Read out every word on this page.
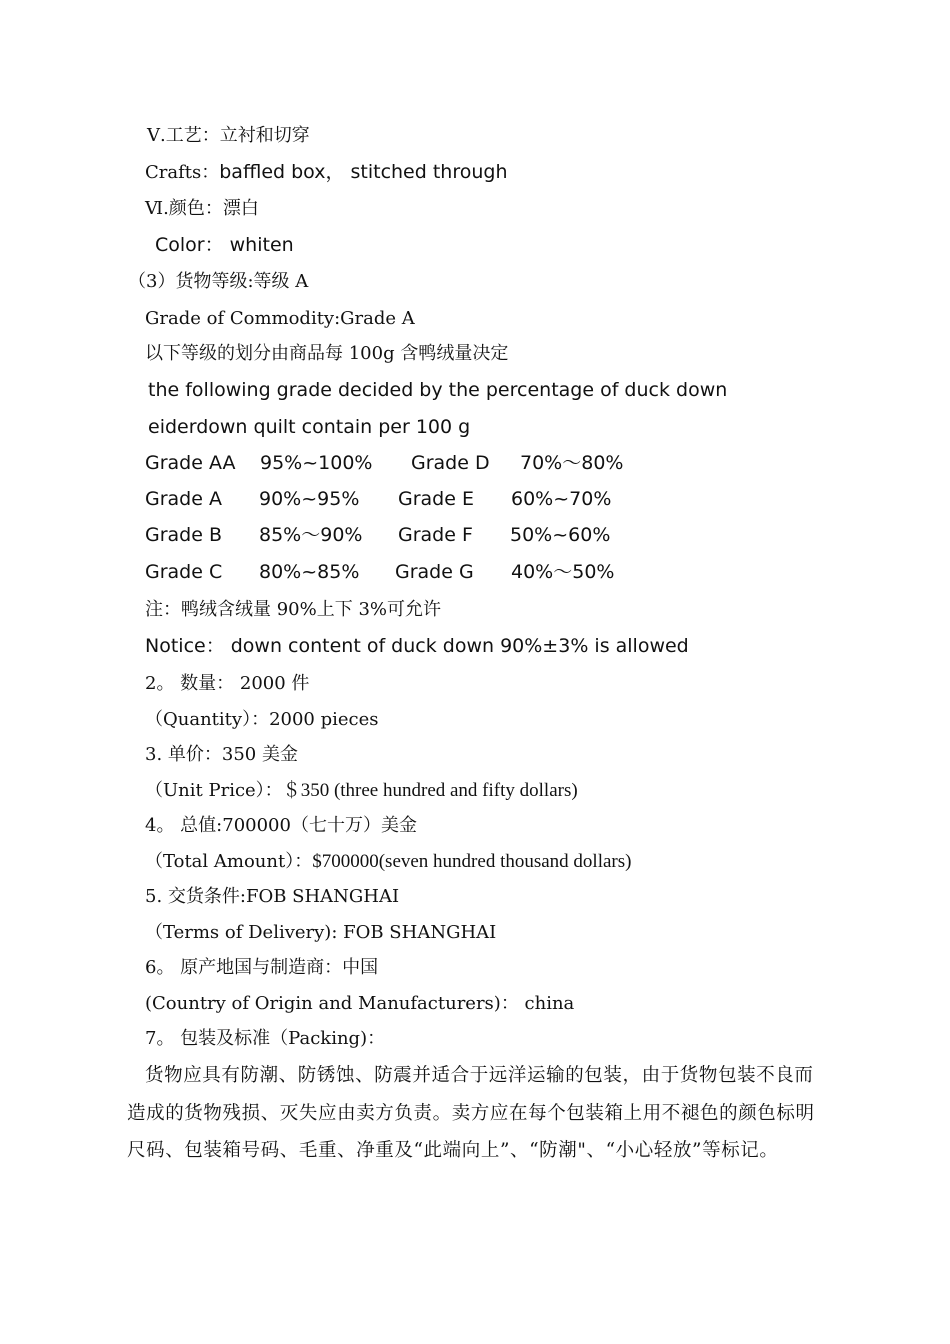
Ⅴ.工艺：立衬和切穿
Crafts：baffled box， stitched through
Ⅵ.颜色：漂白
Color： whiten
（3）货物等级:等级 A
Grade of Commodity:Grade A
以下等级的划分由商品每 100g 含鸭绒量决定
the following grade decided by the percentage of duck down
eiderdown quilt contain per 100 g
Grade AA 95%~100% Grade D 70%～80%
Grade A 90%~95% Grade E 60%~70%
Grade B 85%～90% Grade F 50%~60%
Grade C 80%~85% Grade G 40%～50%
注：鸭绒含绒量 90%上下 3%可允许
Notice： down content of duck down 90%±3% is allowed
2。 数量： 2000 件
（Quantity）：2000 pieces
3. 单价：350 美金
（Unit Price）：＄350 (three hundred and fifty dollars)
4。 总值:700000（七十万）美金
（Total Amount）：$700000(seven hundred thousand dollars)
5. 交货条件:FOB SHANGHAI
（Terms of Delivery): FOB SHANGHAI
6。 原产地国与制造商：中国
(Country of Origin and Manufacturers)： china
7。 包装及标准（Packing)：
货物应具有防潮、防锈蚀、防震并适合于远洋运输的包装，由于货物包装不良而造成的货物残损、灭失应由卖方负责。卖方应在每个包装箱上用不褪色的颜色标明尺码、包装箱号码、毛重、净重及“此端向上”、“防潮"、“小心轻放”等标记。
